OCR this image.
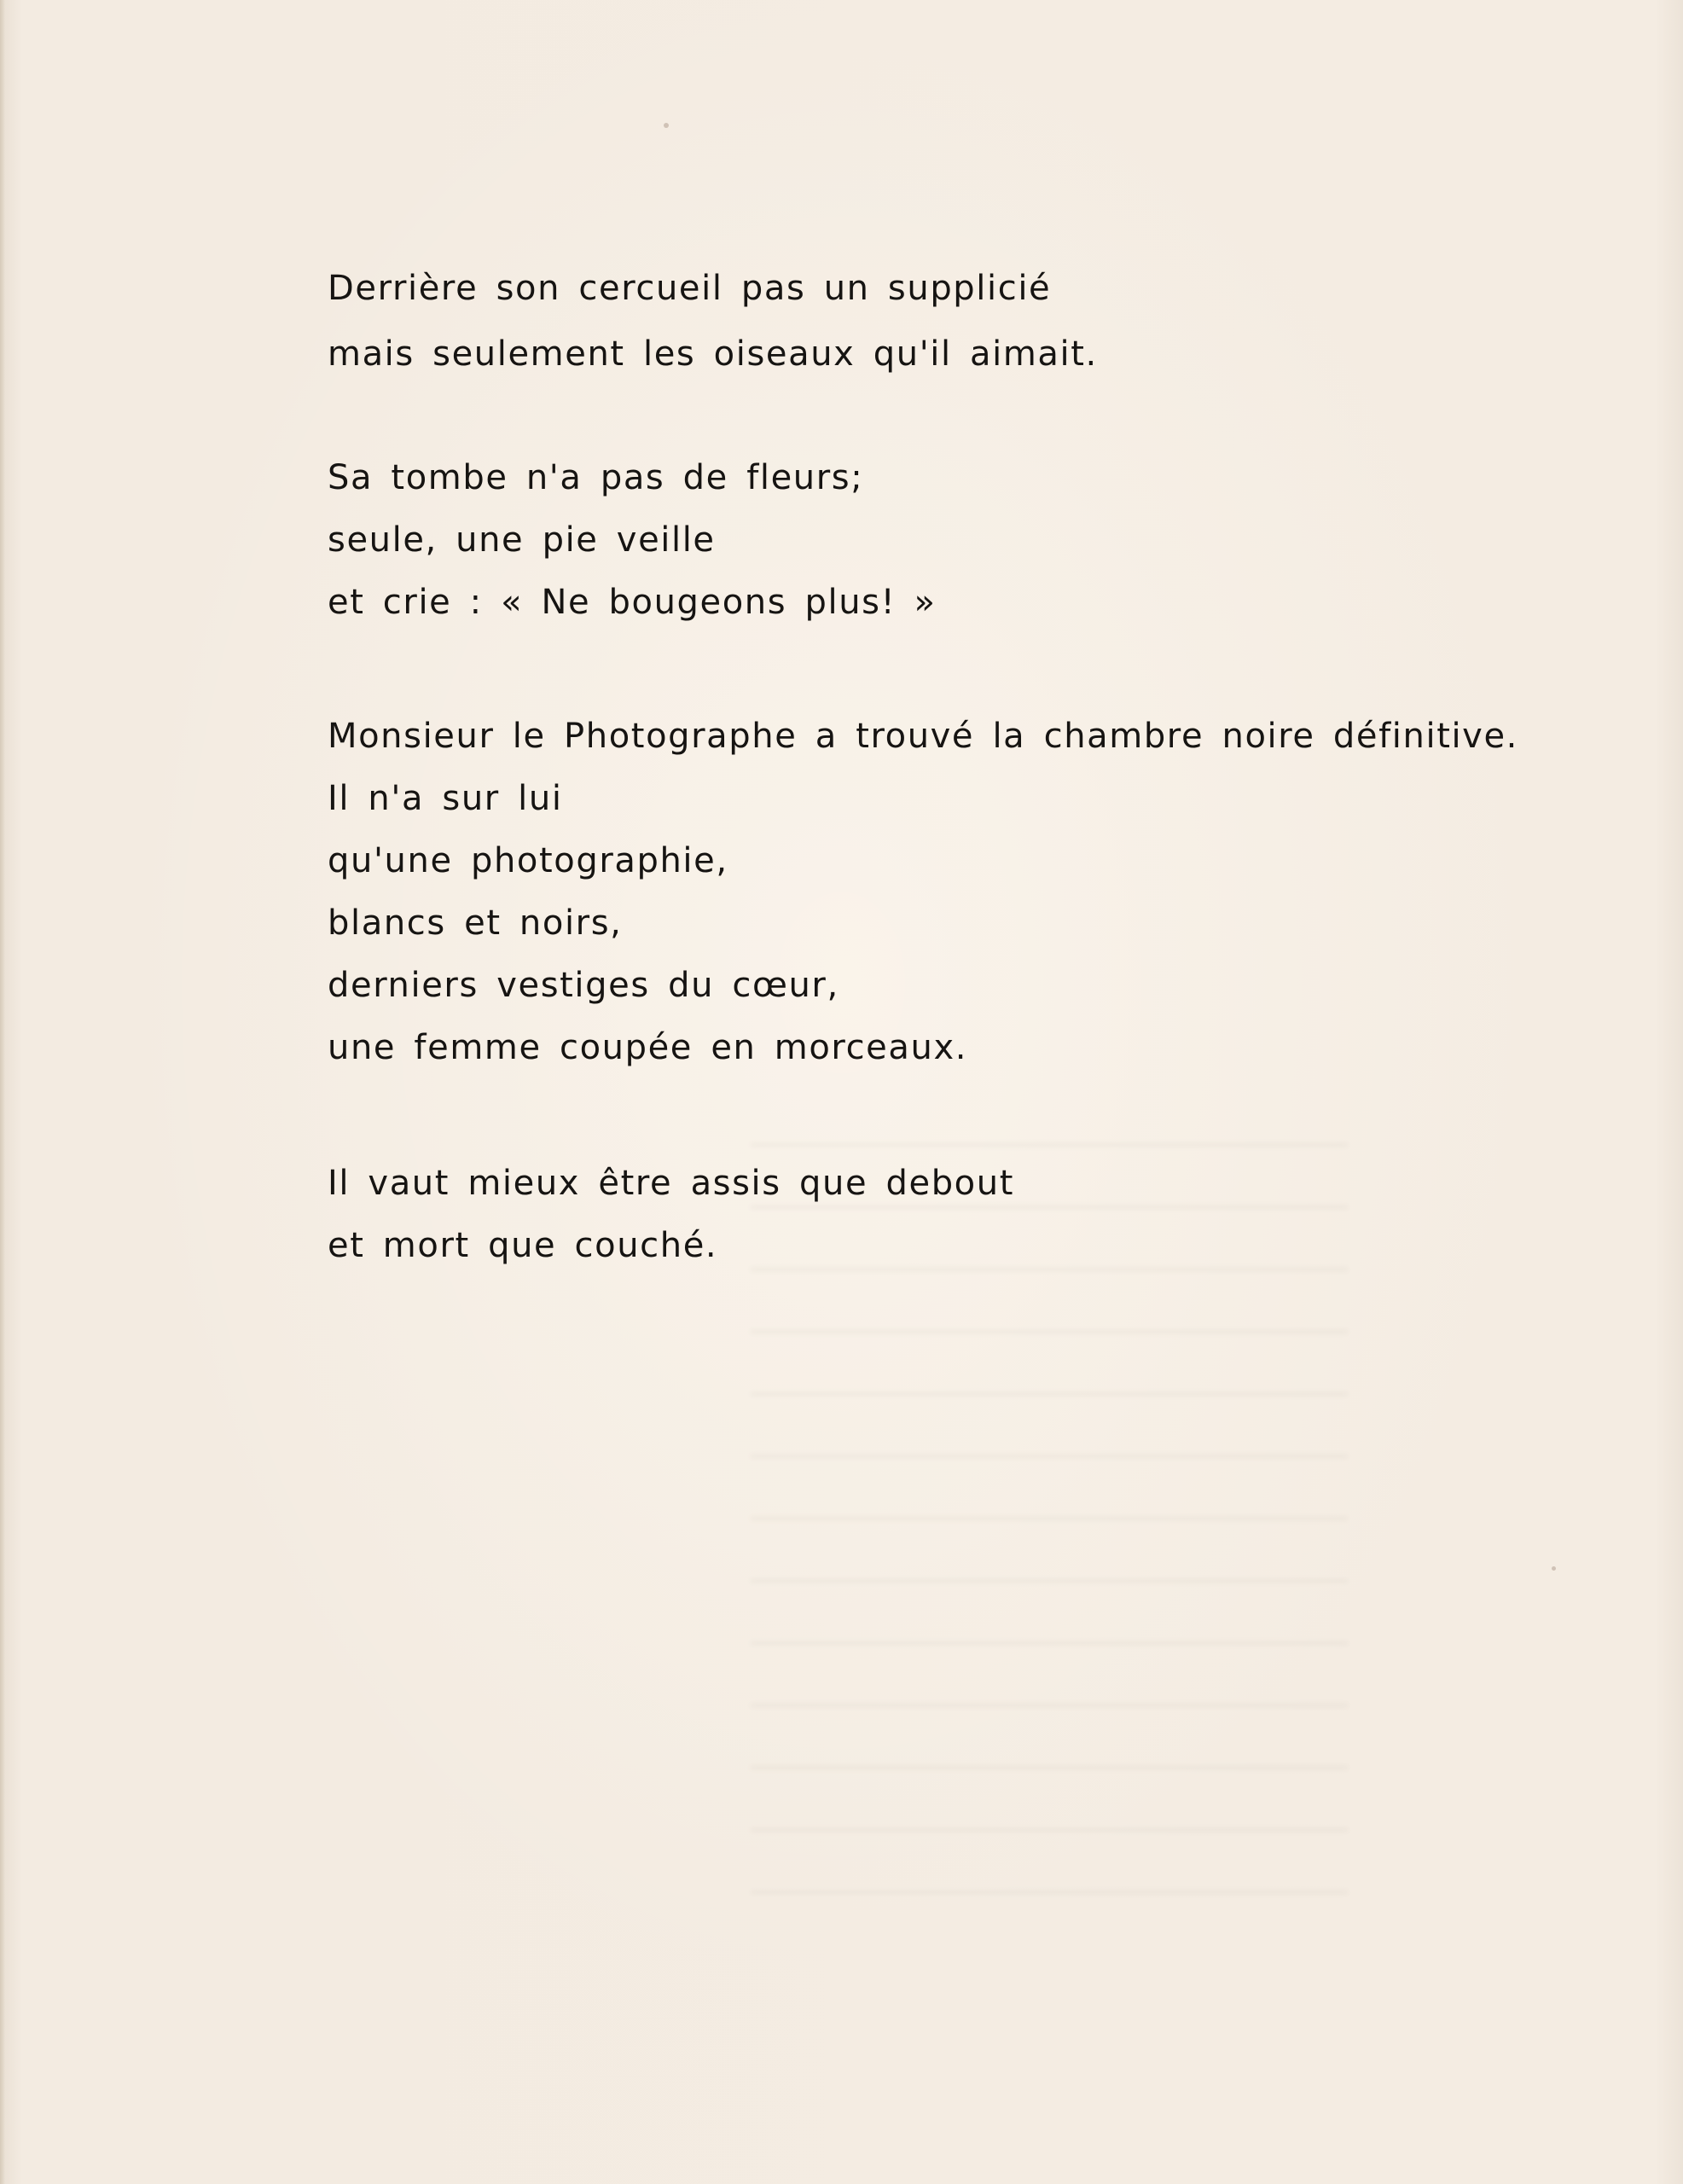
Derrière son cercueil pas un supplicié
mais seulement les oiseaux qu'il aimait.
Sa tombe n'a pas de fleurs;
seule, une pie veille
et crie : « Ne bougeons plus! »
Monsieur le Photographe a trouvé la chambre noire définitive.
Il n'a sur lui
qu'une photographie,
blancs et noirs,
derniers vestiges du cœur,
une femme coupée en morceaux.
Il vaut mieux être assis que debout
et mort que couché.
